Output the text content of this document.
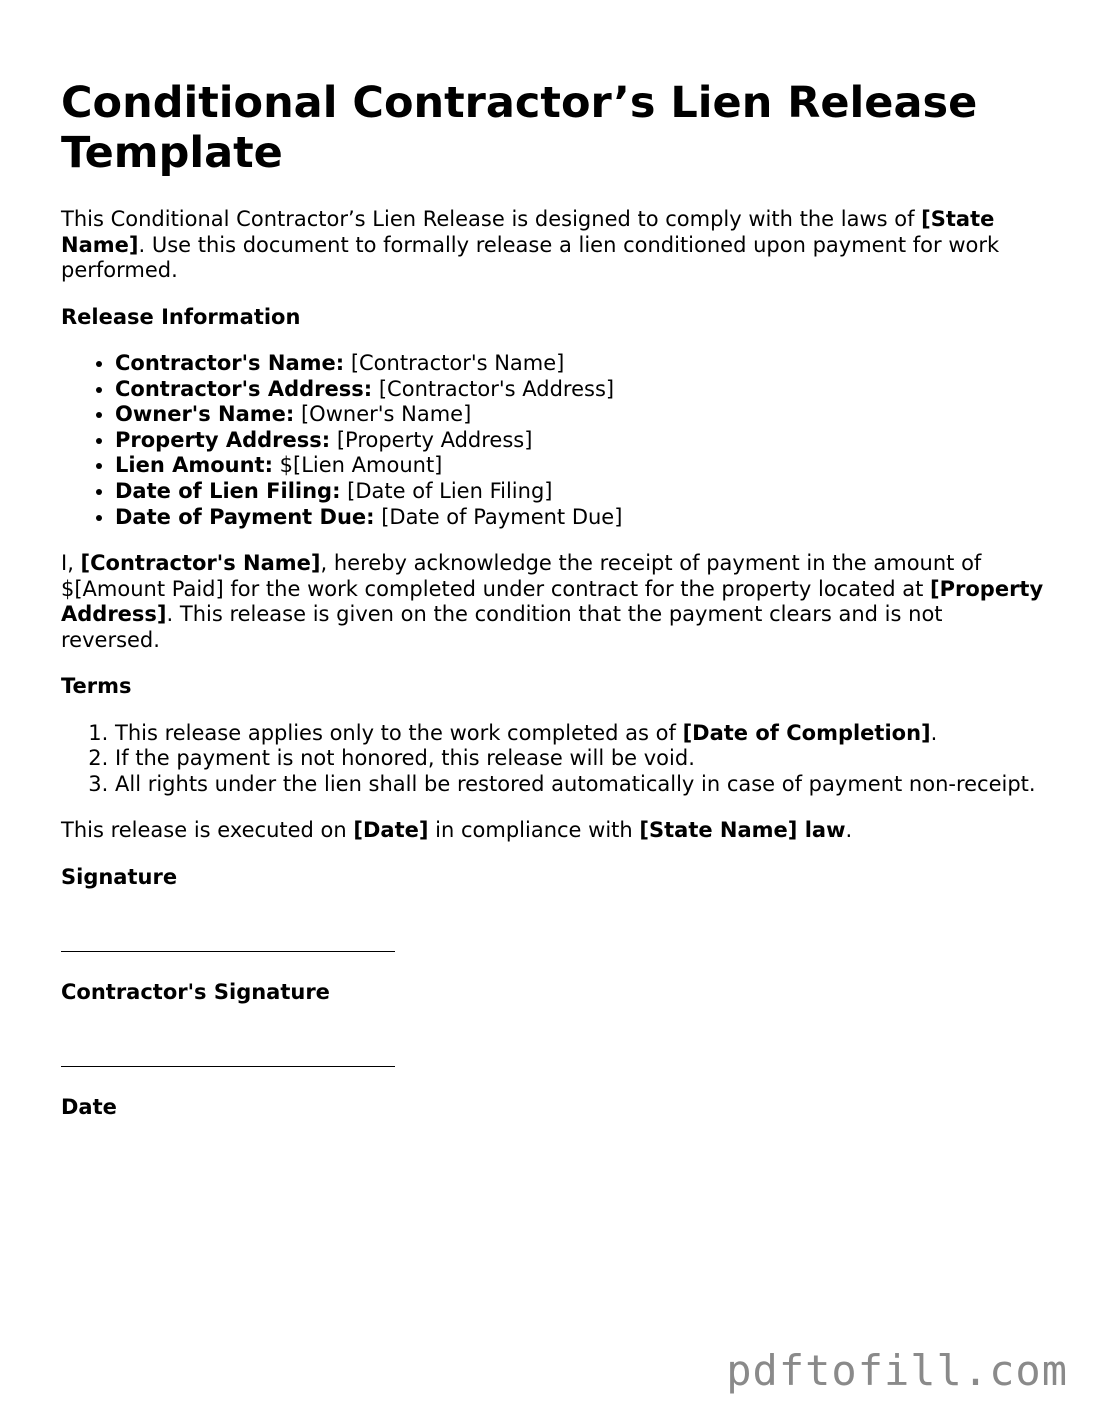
Conditional Contractor’s Lien Release Template

This Conditional Contractor’s Lien Release is designed to comply with the laws of [State Name]. Use this document to formally release a lien conditioned upon payment for work performed.

Release Information
• Contractor's Name: [Contractor's Name]
• Contractor's Address: [Contractor's Address]
• Owner's Name: [Owner's Name]
• Property Address: [Property Address]
• Lien Amount: $[Lien Amount]
• Date of Lien Filing: [Date of Lien Filing]
• Date of Payment Due: [Date of Payment Due]

I, [Contractor's Name], hereby acknowledge the receipt of payment in the amount of $[Amount Paid] for the work completed under contract for the property located at [Property Address]. This release is given on the condition that the payment clears and is not reversed.

Terms
1. This release applies only to the work completed as of [Date of Completion].
2. If the payment is not honored, this release will be void.
3. All rights under the lien shall be restored automatically in case of payment non-receipt.

This release is executed on [Date] in compliance with [State Name] law.

Signature
Contractor's Signature
Date
pdftofill.com
